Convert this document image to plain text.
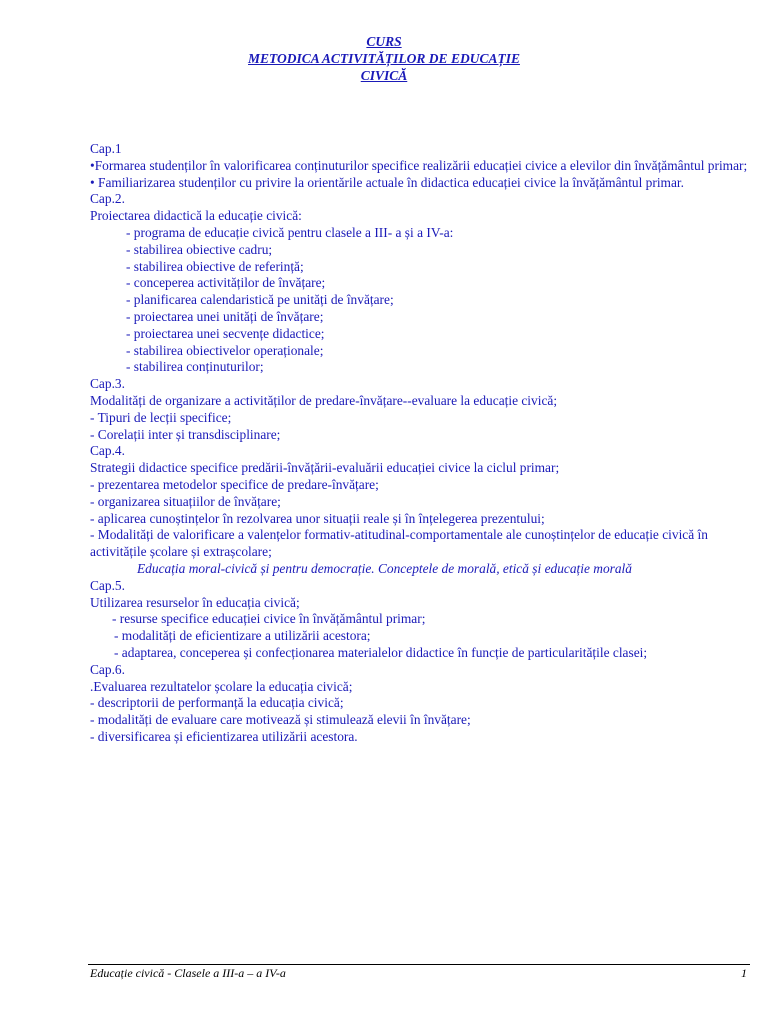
CURS

METODICA ACTIVITĂȚILOR DE EDUCAȚIE

CIVICĂ

Cap.1
•Formarea studenților în valorificarea conținuturilor specifice realizării educației civice a elevilor din învățământul primar;
• Familiarizarea studenților cu privire la orientările actuale în didactica educației civice la învățământul primar.
Cap.2.
Proiectarea didactică la educație civică:
- programa de educație civică pentru clasele a III- a și a IV-a:
- stabilirea obiective cadru;
- stabilirea obiective de referință;
- conceperea activităților de învățare;
- planificarea calendaristică pe unități de învățare;
- proiectarea unei unități de învățare;
- proiectarea unei secvențe didactice;
- stabilirea obiectivelor operaționale;
- stabilirea conținuturilor;
Cap.3.
Modalități de organizare a activităților de predare-învățare--evaluare la educație civică;
- Tipuri de lecții specifice;
- Corelații inter și transdisciplinare;
Cap.4.
Strategii didactice specifice predării-învățării-evaluării educației civice la ciclul primar;
- prezentarea metodelor specifice de predare-învățare;
- organizarea situațiilor de învățare;
- aplicarea cunoștințelor în rezolvarea unor situații reale și în înțelegerea prezentului;
- Modalități de valorificare a valențelor formativ-atitudinal-comportamentale ale cunoștințelor de educație civică în activitățile școlare și extrașcolare;
Educația moral-civică și pentru democrație. Conceptele de morală, etică și educație morală
Cap.5.
Utilizarea resurselor în educația civică;
- resurse specifice educației civice în învățământul primar;
- modalități de eficientizare a utilizării acestora;
- adaptarea, conceperea și confecționarea materialelor didactice în funcție de particularitățile clasei;
Cap.6.
.Evaluarea rezultatelor școlare la educația civică;
- descriptorii de performanță la educația civică;
- modalități de evaluare care motivează și stimulează elevii în învățare;
- diversificarea și eficientizarea utilizării acestora.
Educație civică - Clasele a III-a – a IV-a	1
